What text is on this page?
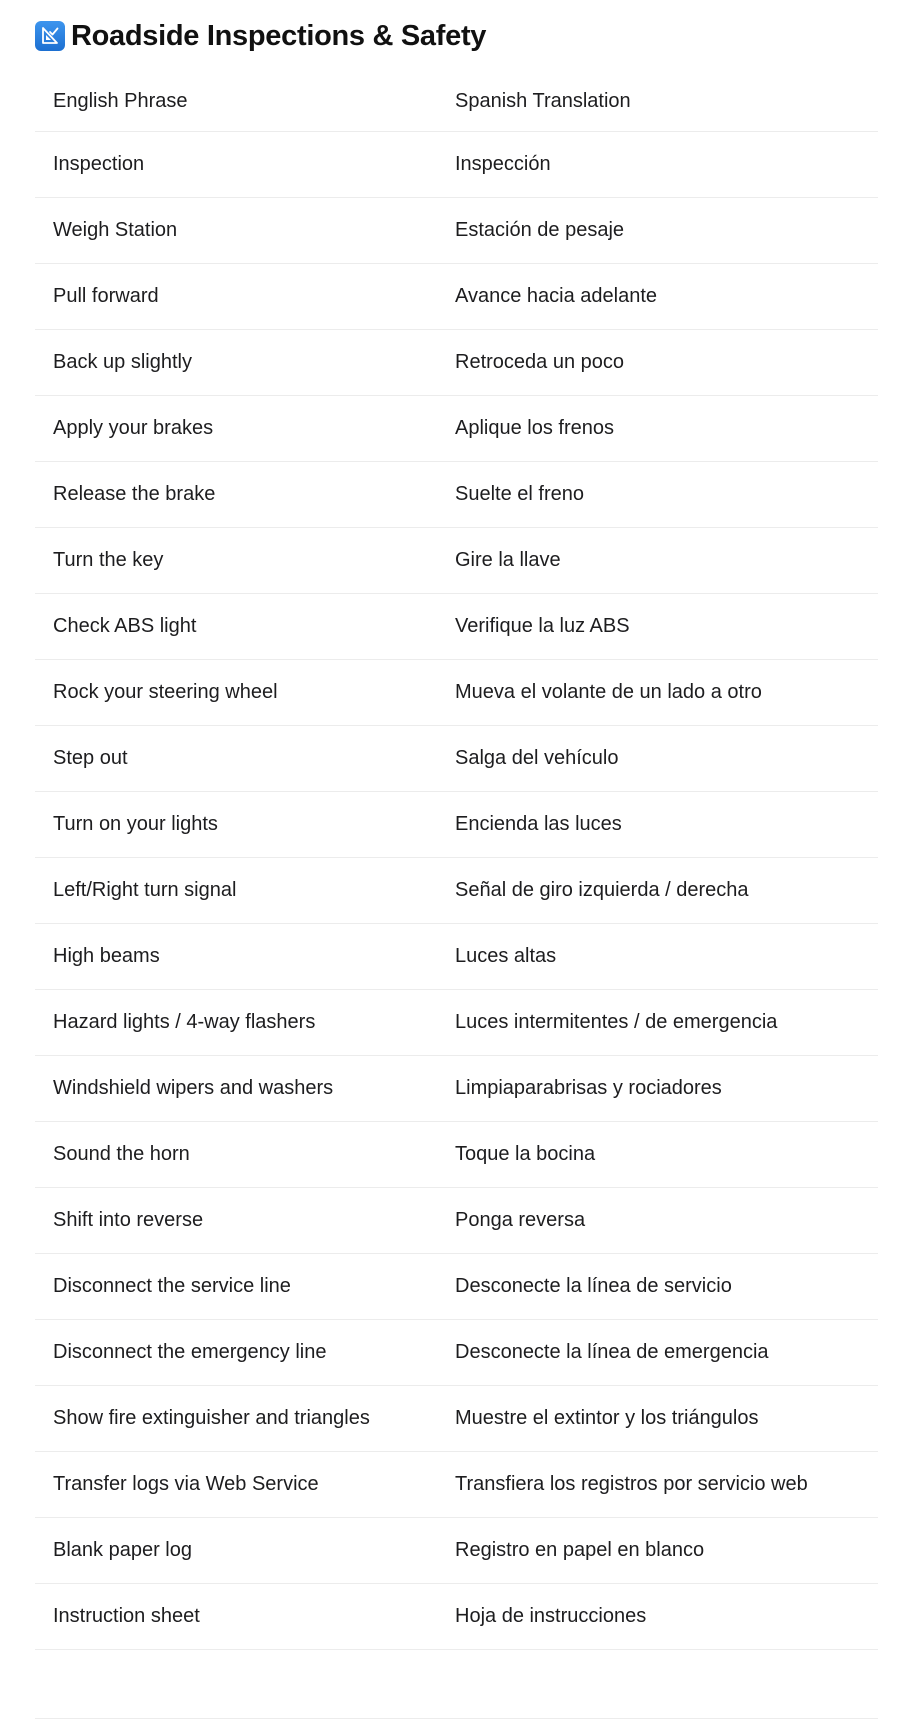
Roadside Inspections & Safety
English Phrase	Spanish Translation
Inspection	Inspección
Weigh Station	Estación de pesaje
Pull forward	Avance hacia adelante
Back up slightly	Retroceda un poco
Apply your brakes	Aplique los frenos
Release the brake	Suelte el freno
Turn the key	Gire la llave
Check ABS light	Verifique la luz ABS
Rock your steering wheel	Mueva el volante de un lado a otro
Step out	Salga del vehículo
Turn on your lights	Encienda las luces
Left/Right turn signal	Señal de giro izquierda / derecha
High beams	Luces altas
Hazard lights / 4-way flashers	Luces intermitentes / de emergencia
Windshield wipers and washers	Limpiaparabrisas y rociadores
Sound the horn	Toque la bocina
Shift into reverse	Ponga reversa
Disconnect the service line	Desconecte la línea de servicio
Disconnect the emergency line	Desconecte la línea de emergencia
Show fire extinguisher and triangles	Muestre el extintor y los triángulos
Transfer logs via Web Service	Transfiera los registros por servicio web
Blank paper log	Registro en papel en blanco
Instruction sheet	Hoja de instrucciones
